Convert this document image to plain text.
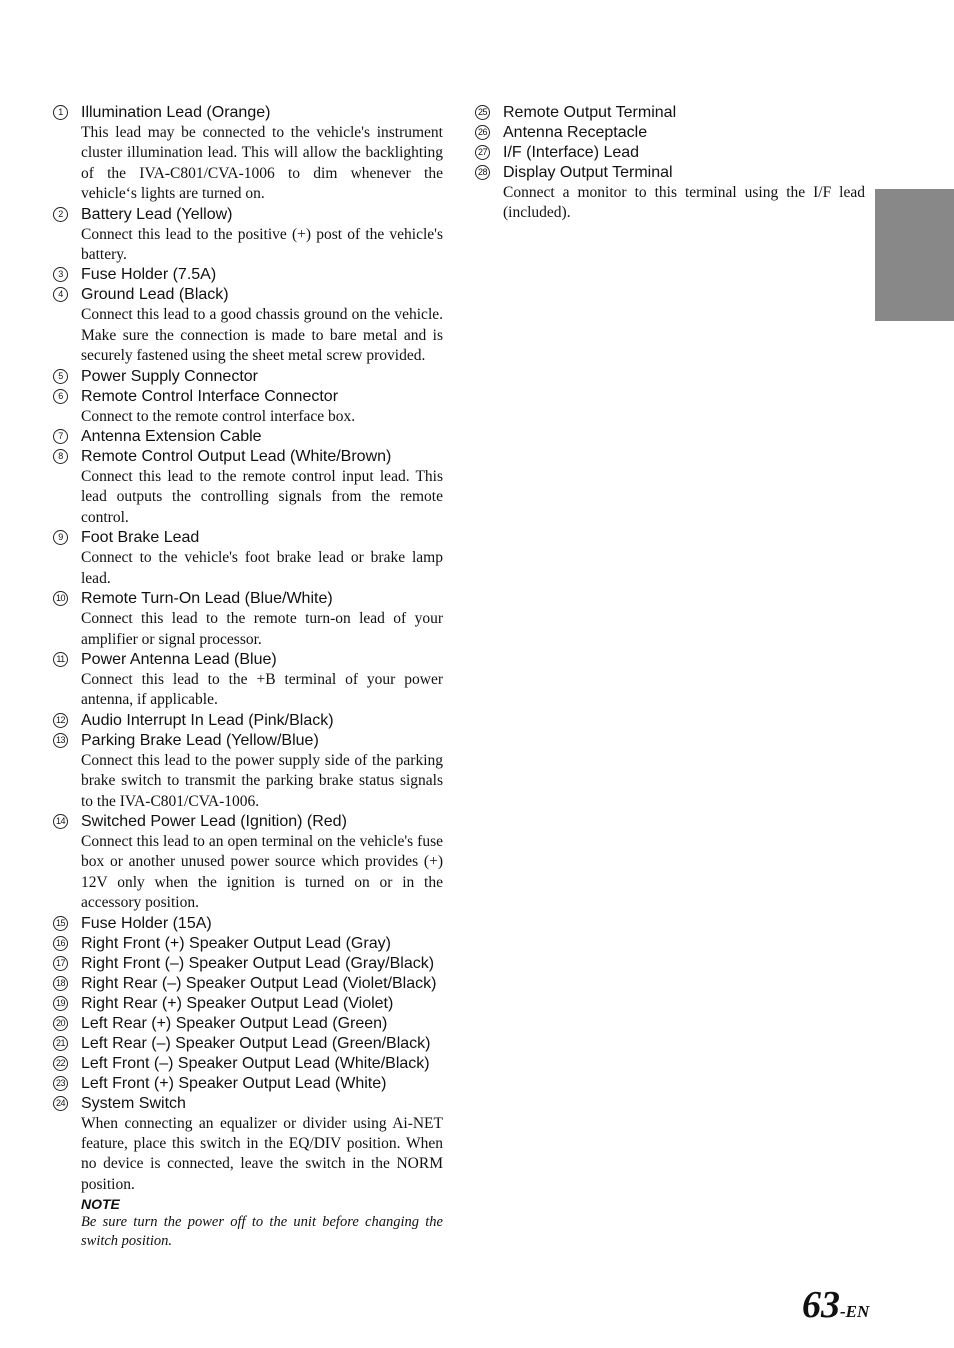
1	Illumination Lead (Orange)
This lead may be connected to the vehicle's instrument cluster illumination lead. This will allow the backlighting of the IVA-C801/CVA-1006 to dim whenever the vehicle‘s lights are turned on.
2	Battery Lead (Yellow)
Connect this lead to the positive (+) post of the vehicle's battery.
3	Fuse Holder (7.5A)
4	Ground Lead (Black)
Connect this lead to a good chassis ground on the vehicle. Make sure the connection is made to bare metal and is securely fastened using the sheet metal screw provided.
5	Power Supply Connector
6	Remote Control Interface Connector
Connect to the remote control interface box.
7	Antenna Extension Cable
8	Remote Control Output Lead (White/Brown)
Connect this lead to the remote control input lead. This lead outputs the controlling signals from the remote control.
9	Foot Brake Lead
Connect to the vehicle's foot brake lead or brake lamp lead.
10 Remote Turn-On Lead (Blue/White)
Connect this lead to the remote turn-on lead of your amplifier or signal processor.
11 Power Antenna Lead (Blue)
Connect this lead to the +B terminal of your power antenna, if applicable.
12 Audio Interrupt In Lead (Pink/Black)
13 Parking Brake Lead (Yellow/Blue)
Connect this lead to the power supply side of the parking brake switch to transmit the parking brake status signals to the IVA-C801/CVA-1006.
14 Switched Power Lead (Ignition) (Red)
Connect this lead to an open terminal on the vehicle's fuse box or another unused power source which provides (+) 12V only when the ignition is turned on or in the accessory position.
15 Fuse Holder (15A)
16 Right Front (+) Speaker Output Lead (Gray)
17 Right Front (–) Speaker Output Lead (Gray/Black)
18 Right Rear (–) Speaker Output Lead (Violet/Black)
19 Right Rear (+) Speaker Output Lead (Violet)
20 Left Rear (+) Speaker Output Lead (Green)
21 Left Rear (–) Speaker Output Lead (Green/Black)
22 Left Front (–) Speaker Output Lead (White/Black)
23 Left Front (+) Speaker Output Lead (White)
24 System Switch
When connecting an equalizer or divider using Ai-NET feature, place this switch in the EQ/DIV position. When no device is connected, leave the switch in the NORM position.
NOTE
Be sure turn the power off to the unit before changing the switch position.
25 Remote Output Terminal
26 Antenna Receptacle
27 I/F (Interface) Lead
28 Display Output Terminal
Connect a monitor to this terminal using the I/F lead (included).
63-EN
